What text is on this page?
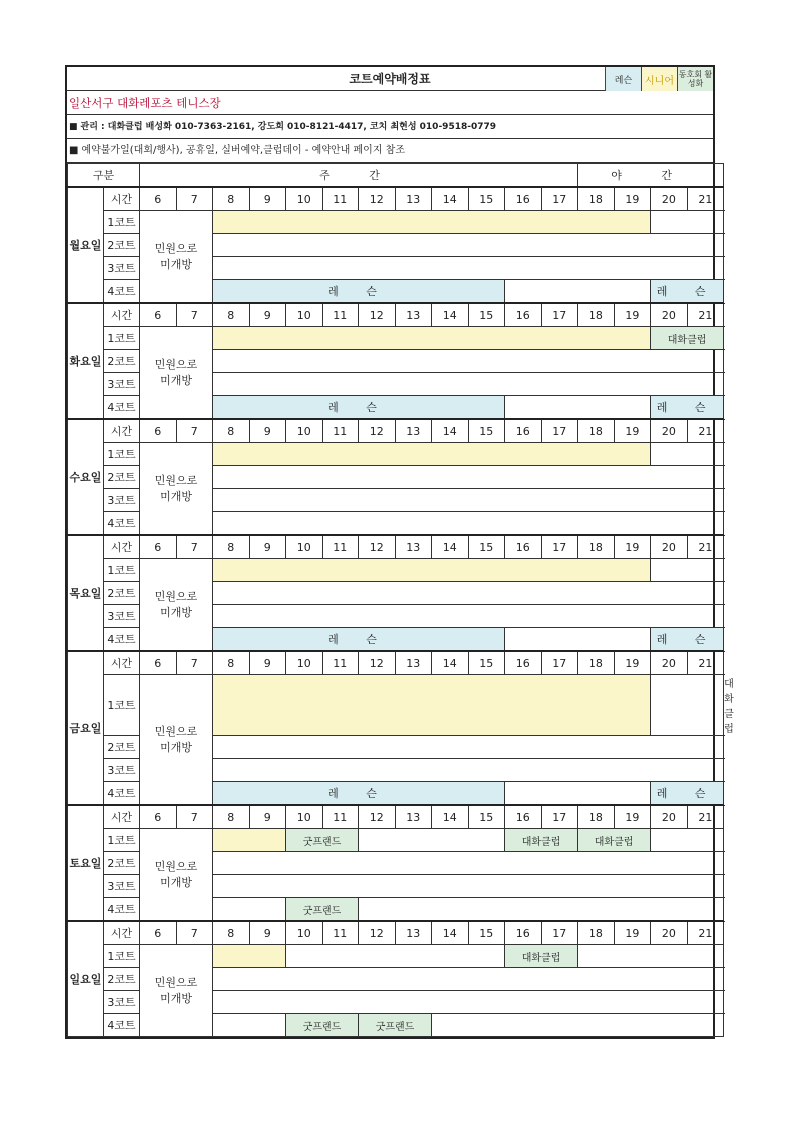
코트예약배정표	레슨	시니어
동호회 활성화
일산서구 대화레포츠 테니스장
■ 관리 : 대화클럽 배성화 010-7363-2161, 강도희 010-8121-4417, 코치 최현성 010-9518-0779
■ 예약불가일(대회/행사), 공휴일, 실버예약,클럽데이 - 예약안내 페이지 참조
구분		주 간												야 간				
월요일	시간	6	7	8	9	10	11	12	13	14	15	16	17	18	19	20	21	
	1코트	민원으로 미개방																
	2코트																	
	3코트																	
	4코트			레 슨												레 슨		
화요일	시간	6	7	8	9	10	11	12	13	14	15	16	17	18	19	20	21	
	1코트	민원으로 미개방														대화클럽		
	2코트																	
	3코트																	
	4코트			레 슨												레 슨		
수요일	시간	6	7	8	9	10	11	12	13	14	15	16	17	18	19	20	21	
	1코트	민원으로 미개방																
	2코트																	
	3코트																	
	4코트																	
목요일	시간	6	7	8	9	10	11	12	13	14	15	16	17	18	19	20	21	
	1코트	민원으로 미개방																
	2코트																	
	3코트																	
	4코트			레 슨												레 슨		
금요일	시간	6	7	8	9	10	11	12	13	14	15	16	17	18	19	20	21	
	1코트	민원으로 미개방																대화클럽
	2코트																	
	3코트																	
	4코트			레 슨												레 슨		
토요일	시간	6	7	8	9	10	11	12	13	14	15	16	17	18	19	20	21	
	1코트	민원으로 미개방				굿프랜드						대화클럽		대화클럽				
	2코트																	
	3코트																	
	4코트					굿프랜드												
일요일	시간	6	7	8	9	10	11	12	13	14	15	16	17	18	19	20	21	
	1코트	민원으로 미개방										대화클럽						
	2코트																	
	3코트																	
	4코트					굿프랜드		굿프랜드										
